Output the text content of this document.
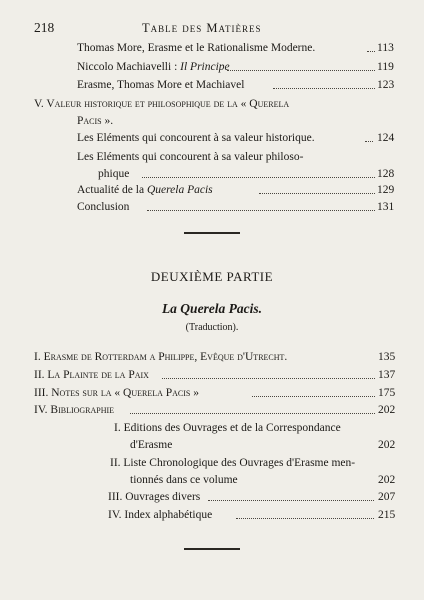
218	Table des Matières
Thomas More, Erasme et le Rationalisme Moderne.	113
Niccolo Machiavelli : Il Principe	119
Erasme, Thomas More et Machiavel	123
V. Valeur historique et philosophique de la « Querela
Pacis ».
Les Eléments qui concourent à sa valeur historique.	124
Les Eléments qui concourent à sa valeur philoso-
phique	128
Actualité de la Querela Pacis	129
Conclusion	131
DEUXIÈME PARTIE
La Querela Pacis.
(Traduction).
I. Erasme de Rotterdam a Philippe, Evêque d'Utrecht.	135
II. La Plainte de la Paix	137
III. Notes sur la « Querela Pacis »	175
IV. Bibliographie	202
I. Editions des Ouvrages et de la Correspondance
d'Erasme	202
II. Liste Chronologique des Ouvrages d'Erasme men-
tionnés dans ce volume	202
III. Ouvrages divers	207
IV. Index alphabétique	215
